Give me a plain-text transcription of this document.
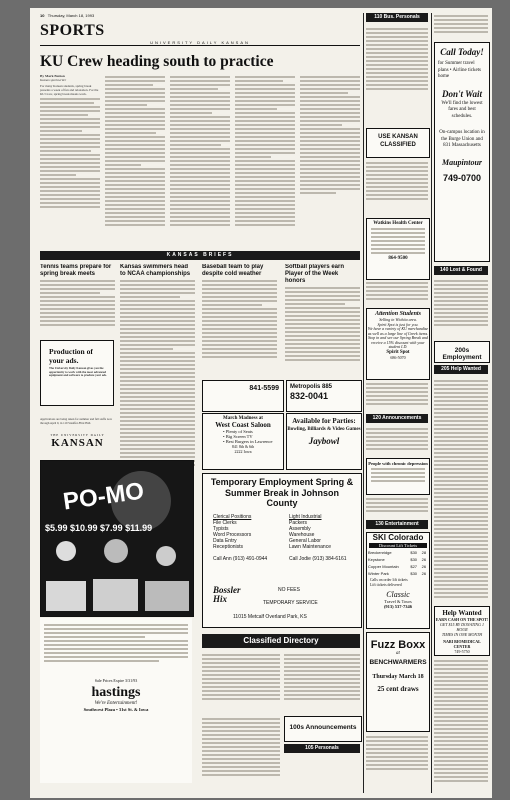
10 Thursday, March 18, 1993
SPORTS
UNIVERSITY DAILY KANSAN
KU Crew heading south to practice
By Mark Button
Kansan sportswriter
For many Kansan students, spring break presents a week of fun and relaxation. For the KU Crew, spring break means work.
KANSAS BRIEFS
Tennis teams prepare for spring break meets
Kansas swimmers head to NCAA championships
Baseball team to play despite cold weather
Softball players earn Player of the Week honors
Production of your ads.
The University Daily Kansan gives you the opportunity to work with the most advanced equipment and software to produce your ads.
Applications are being taken for summer and fall staffs now through April 9, in 119 Stauffer-Flint Hall.
THE UNIVERSITY DAILY
KANSAN
PO-MO
$5.99 $10.99 $7.99 $11.99
Sale Prices Expire 3/31/93
hastings
We're Entertainment!
Southwest Plaza • 31st St. & Iowa
841-5599	Metropolis 885
832-0041
March Madness at
West Coast Saloon
• Plenty of Seats
• Big Screen TV
• Best Burgers in Lawrence
841 8th & 6th
2222 Iowa
Available for Parties:
Bowling, Billiards & Video Games
Jaybowl
Temporary Employment Spring & Summer Break in Johnson County
Clerical Positions
File Clerks
Typists
Word Processors
Data Entry
Receptionists
Call Ann (913) 491-0944
Light Industrial
Packers
Assembly
Warehouse
General Labor
Lawn Maintenance
Call Jodie (913) 384-6161
Bossler Hix
NO FEES
TEMPORARY SERVICE
11015 Metcalf Overland Park, KS
Classified Directory
100s Announcements
105 Personals
110 Bus. Personals
USE KANSAN CLASSIFIED
Watkins Health Center
864-9500
Attention Students
Selling in Wichita area.
Spirit Spot is just for you.
We have a variety of KU merchandise as well as a large line of Greek items.
Stop in and see our Spring Break and receive a 15% discount with your student I.D.
Spirit Spot
686-5070
120 Announcements
People with chronic depression
130 Entertainment
SKI Colorado
Discount Lift Tickets
Breckenridge	$30	28
Keystone	$30	26
Copper Mountain	$27	26
Winter Park	$30	26
Calls on order lift tickets
Lift tickets delivered
Classic
Travel & Tours
(913) 537-7346
Fuzz Boxx
at
BENCHWARMERS
Thursday March 18
25 cent draws
Call Today!
for Summer travel plans • Airline tickets home
Don't Wait
We'll find the lowest fares and best schedules.
On-campus location in the Burge Union and 831 Massachusetts
Maupintour
749-0700
140 Lost & Found
200s Employment
205 Help Wanted
Help Wanted
EARN CASH ON THE SPOT!
GET $15 BY DONATING 1 HOUR
TIMES IN ONE MONTH
NABI BIOMEDICAL CENTER
749-5750
